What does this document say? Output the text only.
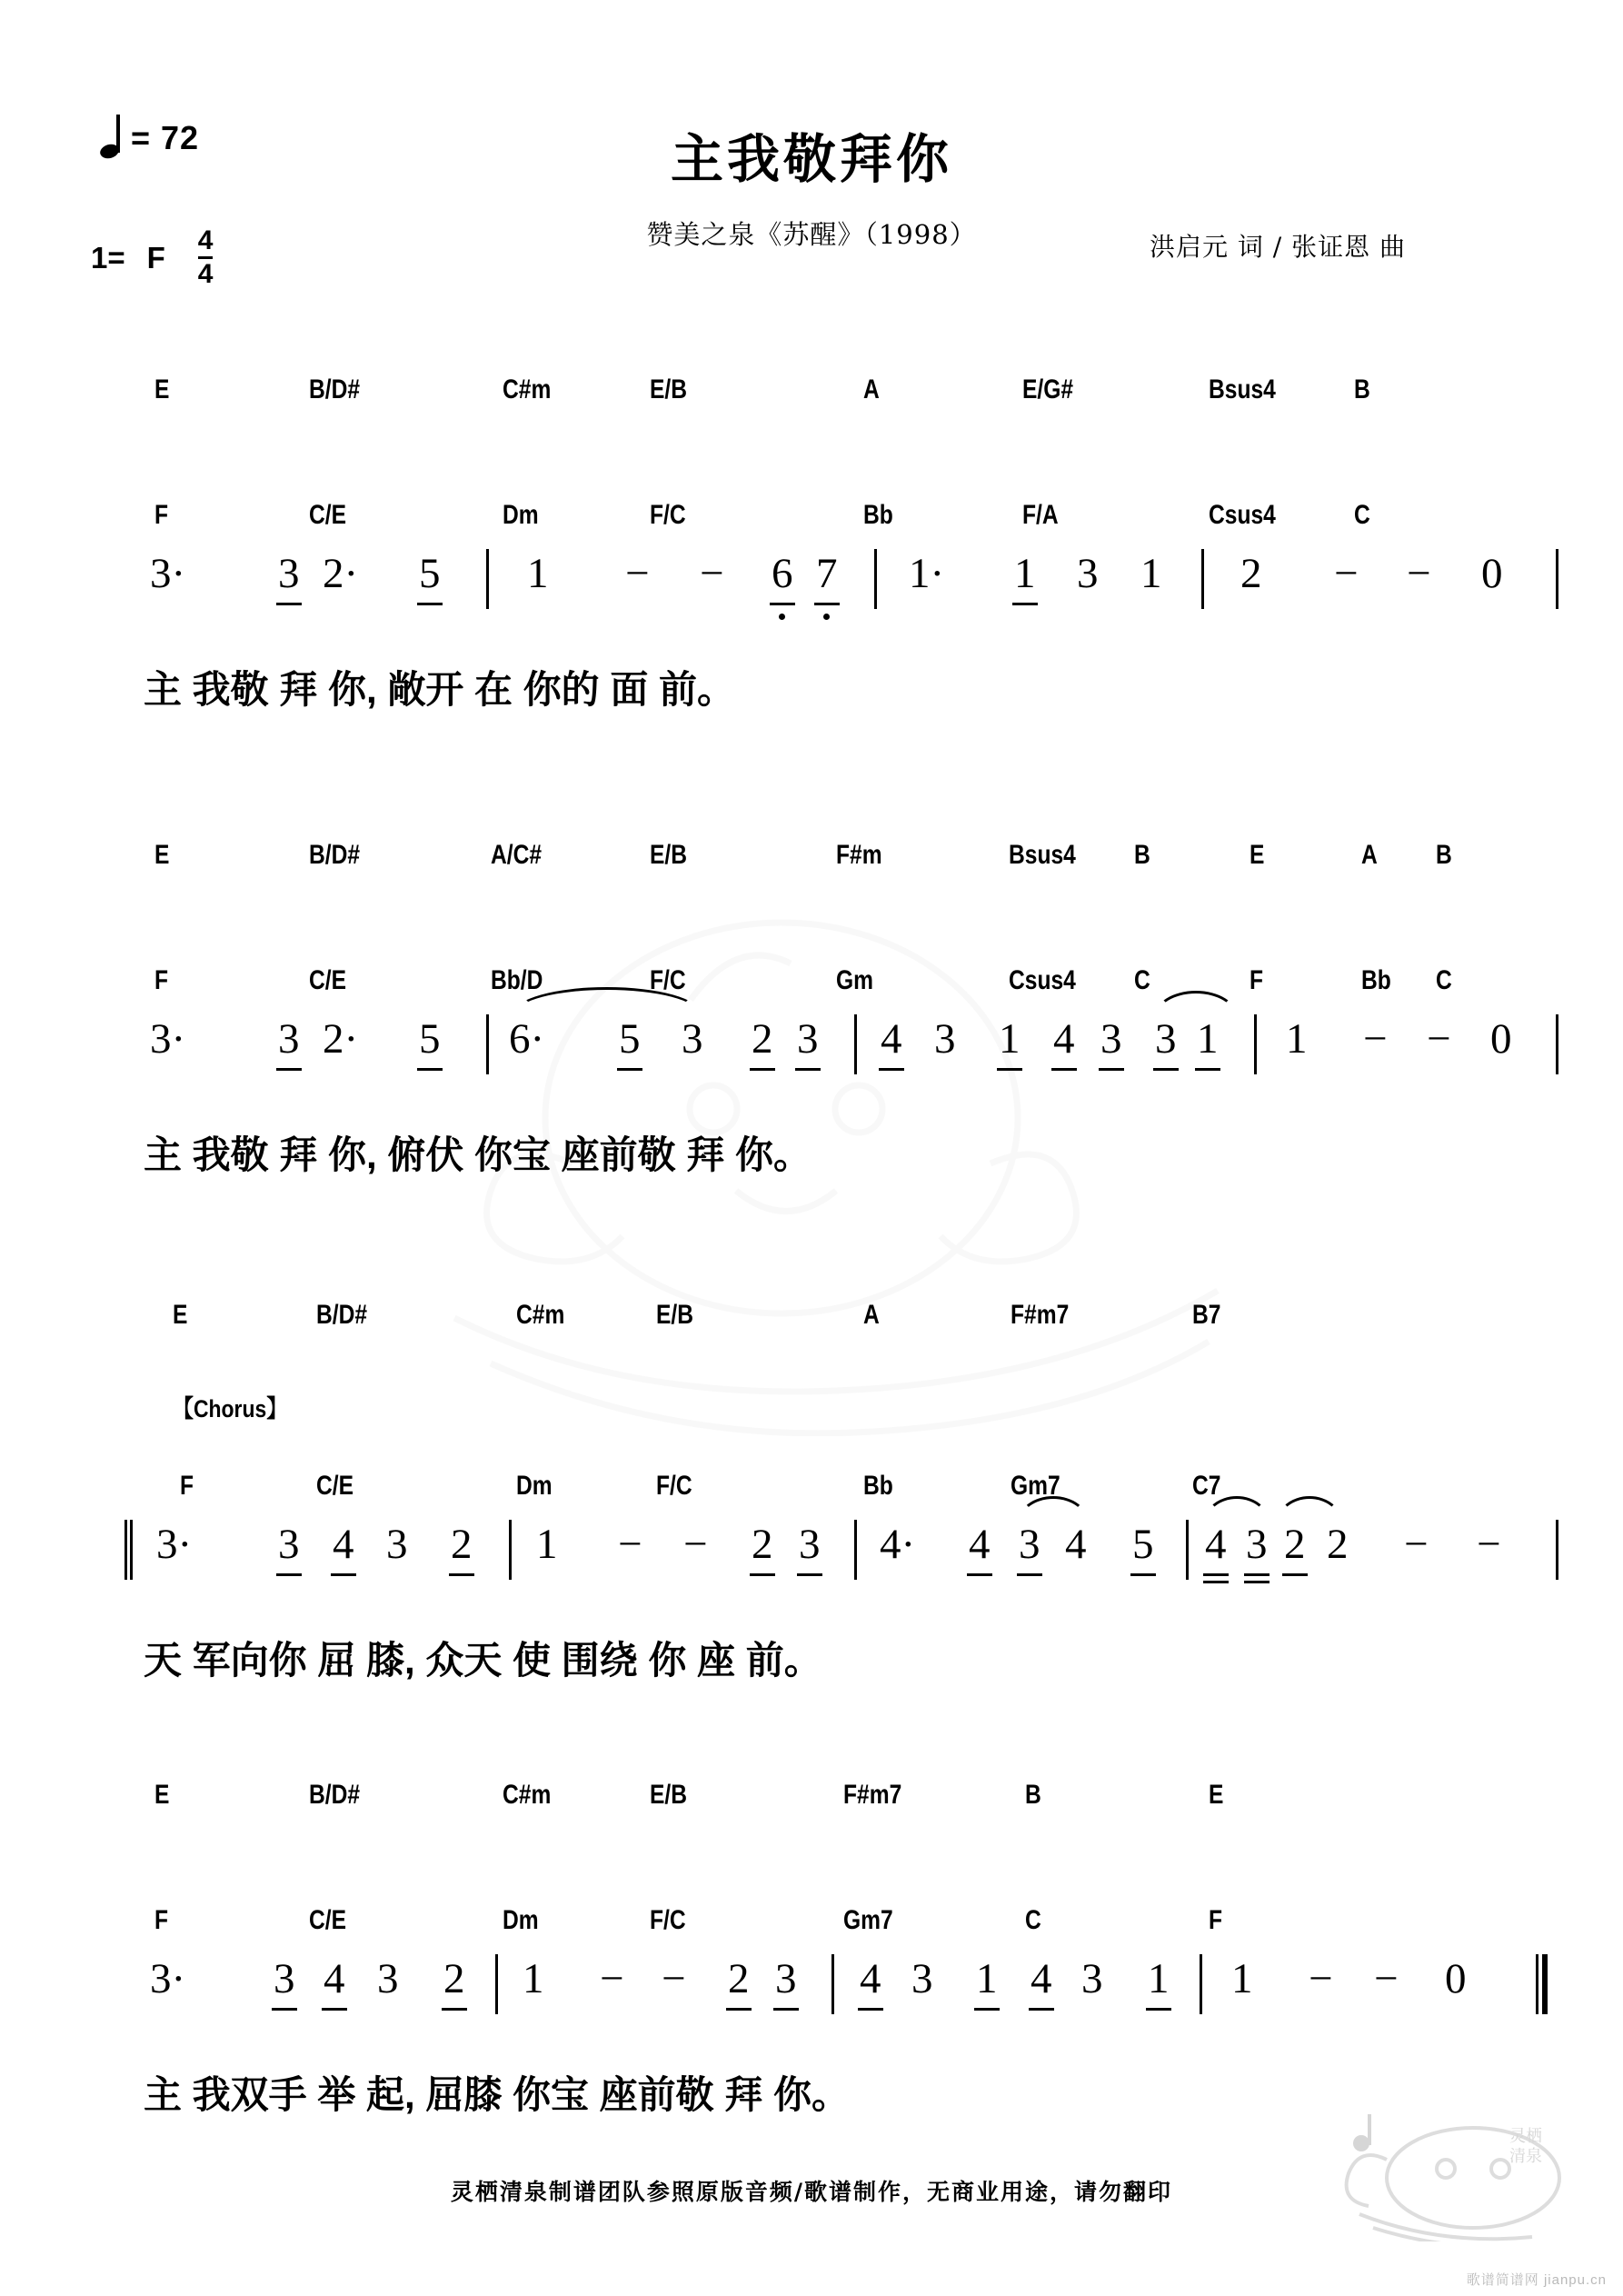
灵栖
清泉
= 72
1= F $\frac{4}{4}$
主我敬拜你
赞美之泉《苏醒》（1998）	洪启元 词 / 张证恩 曲
E	B/D#	C#m	E/B	A	E/G#	Bsus4	B
F	C/E	Dm	F/C	Bb	F/A	Csus4	C
3· 3 2· 5 1 − − 6 7 1· 1 3 1 2 − − 0
主 我敬 拜 你, 敞开 在 你的 面 前。
E	B/D#	A/C#	E/B	F#m	Bsus4 B	E	A B
F	C/E	Bb/D	F/C	Gm	Csus4 C	F	Bb C
3· 3 2· 5 6· 5 3 2 3 4 3 1 4 3 3 1 1 − − 0
主 我敬 拜 你, 俯伏 你宝 座前敬 拜 你。
E	B/D#	C#m	E/B	A	F#m7	B7
【Chorus】
F	C/E	Dm	F/C	Bb	Gm7	C7
3· 3 4 3 2 1 − − 2 3 4· 4 3 4 5 4 3 2 2 − −
天 军向你 屈 膝, 众天 使 围绕 你 座 前。
E	B/D#	C#m	E/B	F#m7	B	E
F	C/E	Dm	F/C	Gm7	C	F
3· 3 4 3 2 1 − − 2 3 4 3 1 4 3 1 1 − − 0
主 我双手 举 起, 屈膝 你宝 座前敬 拜 你。
灵栖清泉制谱团队参照原版音频/歌谱制作，无商业用途，请勿翻印
歌谱简谱网 jianpu.cn
